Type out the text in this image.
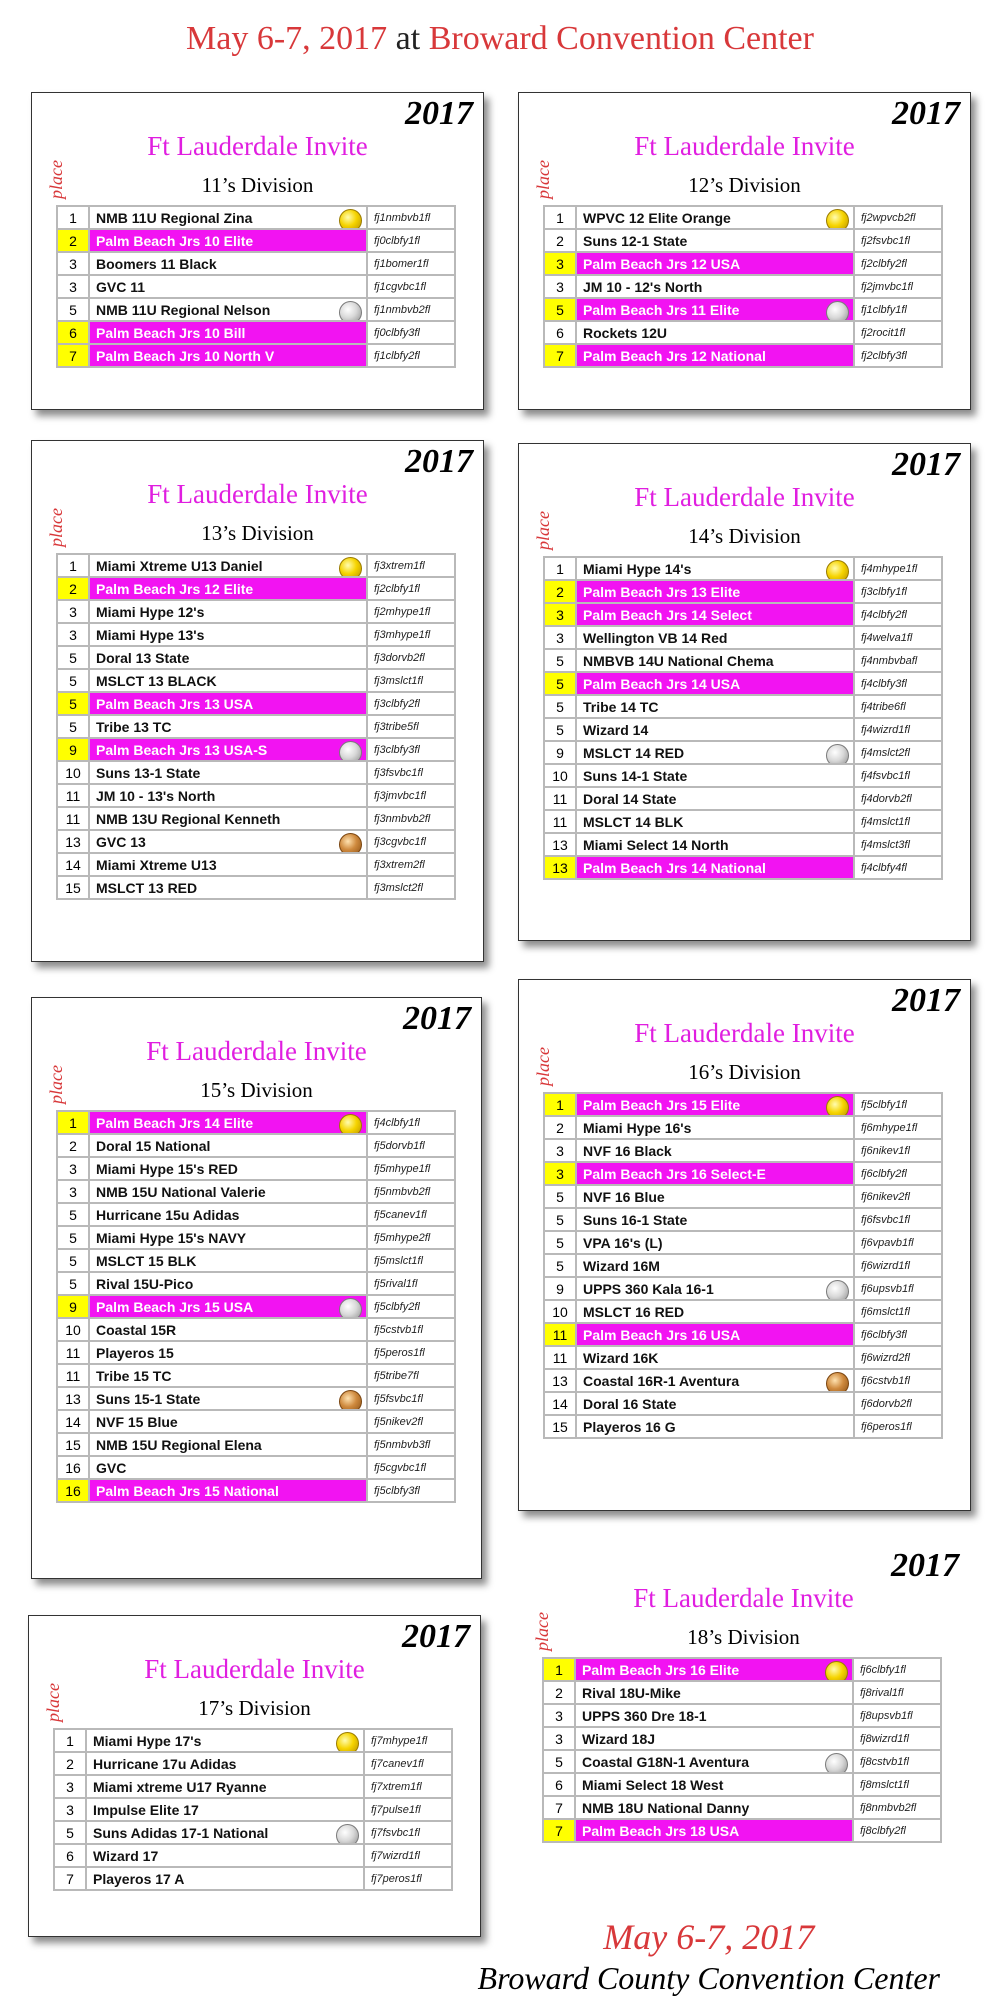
May 6-7, 2017 at Broward Convention Center
2017
Ft Lauderdale Invite
11’s Division
place
1	NMB 11U Regional Zina	fj1nmbvb1fl
2	Palm Beach Jrs 10 Elite	fj0clbfy1fl
3	Boomers 11 Black	fj1bomer1fl
3	GVC 11	fj1cgvbc1fl
5	NMB 11U Regional Nelson	fj1nmbvb2fl
6	Palm Beach Jrs 10 Bill	fj0clbfy3fl
7	Palm Beach Jrs 10 North V	fj1clbfy2fl
2017
Ft Lauderdale Invite
12’s Division
place
1	WPVC 12 Elite Orange	fj2wpvcb2fl
2	Suns 12-1 State	fj2fsvbc1fl
3	Palm Beach Jrs 12 USA	fj2clbfy2fl
3	JM 10 - 12's North	fj2jmvbc1fl
5	Palm Beach Jrs 11 Elite	fj1clbfy1fl
6	Rockets 12U	fj2rocit1fl
7	Palm Beach Jrs 12 National	fj2clbfy3fl
2017
Ft Lauderdale Invite
13’s Division
place
1	Miami Xtreme U13 Daniel	fj3xtrem1fl
2	Palm Beach Jrs 12 Elite	fj2clbfy1fl
3	Miami Hype 12's	fj2mhype1fl
3	Miami Hype 13's	fj3mhype1fl
5	Doral 13 State	fj3dorvb2fl
5	MSLCT 13 BLACK	fj3mslct1fl
5	Palm Beach Jrs 13 USA	fj3clbfy2fl
5	Tribe 13 TC	fj3tribe5fl
9	Palm Beach Jrs 13 USA-S	fj3clbfy3fl
10	Suns 13-1 State	fj3fsvbc1fl
11	JM 10 - 13's North	fj3jmvbc1fl
11	NMB 13U Regional Kenneth	fj3nmbvb2fl
13	GVC 13	fj3cgvbc1fl
14	Miami Xtreme U13	fj3xtrem2fl
15	MSLCT 13 RED	fj3mslct2fl
2017
Ft Lauderdale Invite
14’s Division
place
1	Miami Hype 14's	fj4mhype1fl
2	Palm Beach Jrs 13 Elite	fj3clbfy1fl
3	Palm Beach Jrs 14 Select	fj4clbfy2fl
3	Wellington VB 14 Red	fj4welva1fl
5	NMBVB 14U National Chema	fj4nmbvbafl
5	Palm Beach Jrs 14 USA	fj4clbfy3fl
5	Tribe 14 TC	fj4tribe6fl
5	Wizard 14	fj4wizrd1fl
9	MSLCT 14 RED	fj4mslct2fl
10	Suns 14-1 State	fj4fsvbc1fl
11	Doral 14 State	fj4dorvb2fl
11	MSLCT 14 BLK	fj4mslct1fl
13	Miami Select 14 North	fj4mslct3fl
13	Palm Beach Jrs 14 National	fj4clbfy4fl
2017
Ft Lauderdale Invite
15’s Division
place
1	Palm Beach Jrs 14 Elite	fj4clbfy1fl
2	Doral 15 National	fj5dorvb1fl
3	Miami Hype 15's RED	fj5mhype1fl
3	NMB 15U National Valerie	fj5nmbvb2fl
5	Hurricane 15u Adidas	fj5canev1fl
5	Miami Hype 15's NAVY	fj5mhype2fl
5	MSLCT 15 BLK	fj5mslct1fl
5	Rival 15U-Pico	fj5rival1fl
9	Palm Beach Jrs 15 USA	fj5clbfy2fl
10	Coastal 15R	fj5cstvb1fl
11	Playeros 15	fj5peros1fl
11	Tribe 15 TC	fj5tribe7fl
13	Suns 15-1 State	fj5fsvbc1fl
14	NVF 15 Blue	fj5nikev2fl
15	NMB 15U Regional Elena	fj5nmbvb3fl
16	GVC	fj5cgvbc1fl
16	Palm Beach Jrs 15 National	fj5clbfy3fl
2017
Ft Lauderdale Invite
16’s Division
place
1	Palm Beach Jrs 15 Elite	fj5clbfy1fl
2	Miami Hype 16's	fj6mhype1fl
3	NVF 16 Black	fj6nikev1fl
3	Palm Beach Jrs 16 Select-E	fj6clbfy2fl
5	NVF 16 Blue	fj6nikev2fl
5	Suns 16-1 State	fj6fsvbc1fl
5	VPA 16's (L)	fj6vpavb1fl
5	Wizard 16M	fj6wizrd1fl
9	UPPS 360 Kala 16-1	fj6upsvb1fl
10	MSLCT 16 RED	fj6mslct1fl
11	Palm Beach Jrs 16 USA	fj6clbfy3fl
11	Wizard 16K	fj6wizrd2fl
13	Coastal 16R-1 Aventura	fj6cstvb1fl
14	Doral 16 State	fj6dorvb2fl
15	Playeros 16 G	fj6peros1fl
2017
Ft Lauderdale Invite
17’s Division
place
1	Miami Hype 17's	fj7mhype1fl
2	Hurricane 17u Adidas	fj7canev1fl
3	Miami xtreme U17 Ryanne	fj7xtrem1fl
3	Impulse Elite 17	fj7pulse1fl
5	Suns Adidas 17-1 National	fj7fsvbc1fl
6	Wizard 17	fj7wizrd1fl
7	Playeros 17 A	fj7peros1fl
2017
Ft Lauderdale Invite
18’s Division
place
1	Palm Beach Jrs 16 Elite	fj6clbfy1fl
2	Rival 18U-Mike	fj8rival1fl
3	UPPS 360 Dre 18-1	fj8upsvb1fl
3	Wizard 18J	fj8wizrd1fl
5	Coastal G18N-1 Aventura	fj8cstvb1fl
6	Miami Select 18 West	fj8mslct1fl
7	NMB 18U National Danny	fj8nmbvb2fl
7	Palm Beach Jrs 18 USA	fj8clbfy2fl
May 6-7, 2017
Broward County Convention Center
